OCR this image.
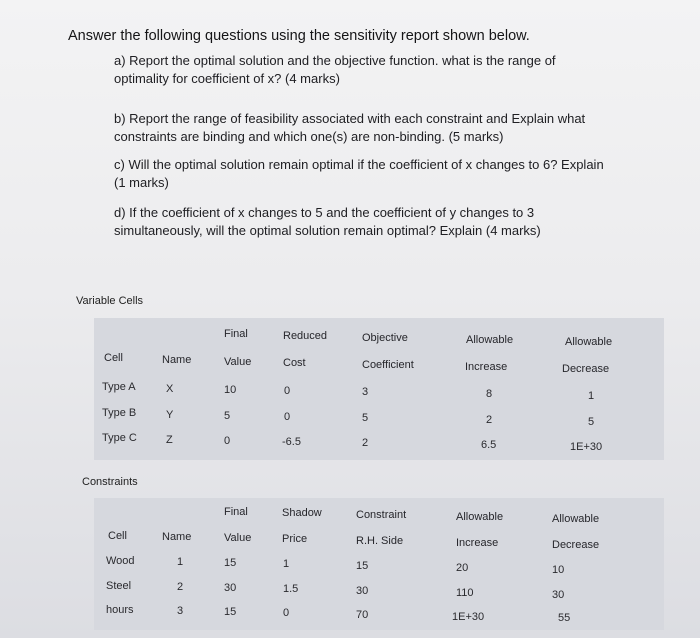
Answer the following questions using the sensitivity report shown below.
a) Report the optimal solution and the objective function. what is the range of optimality for coefficient of x? (4 marks)
b) Report the range of feasibility associated with each constraint and Explain what constraints are binding and which one(s) are non-binding. (5 marks)
c) Will the optimal solution remain optimal if the coefficient of x changes to 6? Explain (1 marks)
d) If the coefficient of x changes to 5 and the coefficient of y changes to 3 simultaneously, will the optimal solution remain optimal? Explain (4 marks)
Variable Cells
Final	Reduced	Objective	Allowable	Allowable
Cell	Name	Value	Cost	Coefficient	Increase	Decrease
Type A	X	10	0	3	8	1
Type B	Y	5	0	5	2	5
Type C	Z	0	-6.5	2	6.5	1E+30
Constraints
Final	Shadow	Constraint	Allowable	Allowable
Cell	Name	Value	Price	R.H. Side	Increase	Decrease
Wood	1	15	1	15	20	10
Steel	2	30	1.5	30	110	30
hours	3	15	0	70	1E+30	55
